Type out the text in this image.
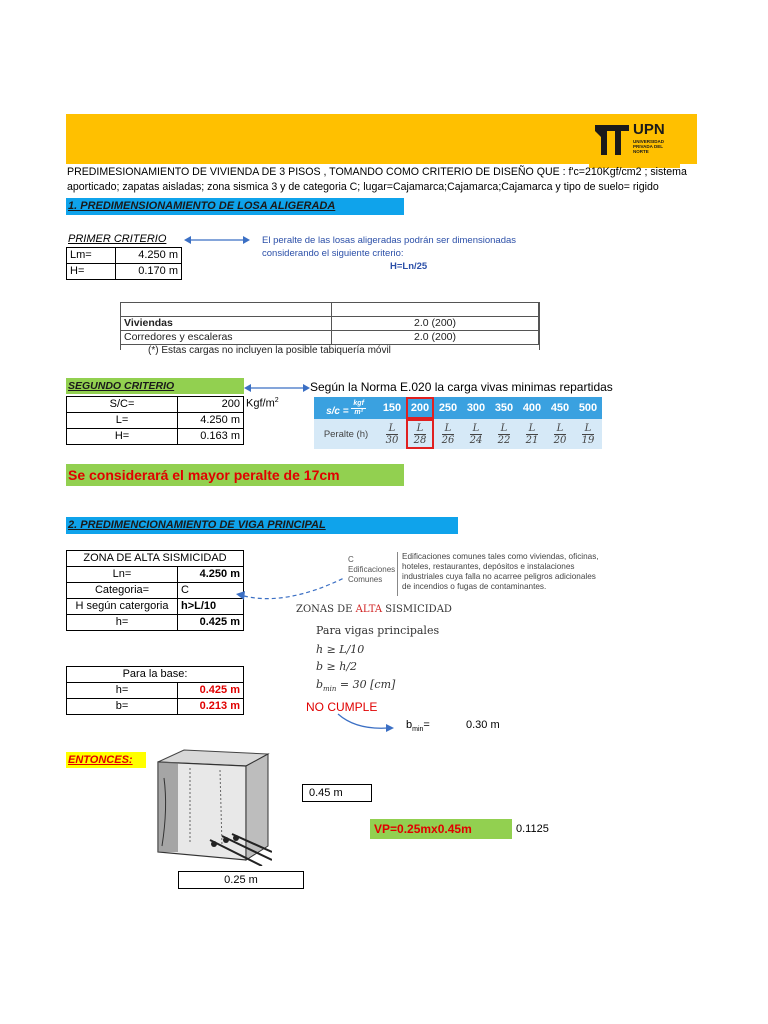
UPN
UNIVERSIDAD PRIVADA DEL NORTE
PREDIMESIONAMIENTO DE VIVIENDA DE 3 PISOS , TOMANDO COMO CRITERIO DE DISEÑO QUE : f'c=210Kgf/cm2 ; sistema aporticado; zapatas aisladas; zona sismica 3 y de categoria C; lugar=Cajamarca;Cajamarca;Cajamarca y tipo de suelo= rigido
1. PREDIMENSIONAMIENTO DE LOSA ALIGERADA
PRIMER CRITERIO
Lm=	4.250 m
H=	0.170 m
El peralte de las losas aligeradas podrán ser dimensionadas considerando el siguiente criterio:
H=Ln/25

Viviendas	2.0 (200)
Corredores y escaleras	2.0 (200)
(*) Estas cargas no incluyen la posible tabiquería móvil
SEGUNDO CRITERIO
S/C=	200
L=	4.250 m
H=	0.163 m
Kgf/$m^2$
Según la Norma E.020 la carga vivas minimas repartidas
$s/c = \frac{\text{kgf}}{\text{m²}}$	150	200	250	300	350	400	450	500
Peralte (h)	$\frac{L}{30}$	$\frac{L}{28}$	$\frac{L}{26}$	$\frac{L}{24}$	$\frac{L}{22}$	$\frac{L}{21}$	$\frac{L}{20}$	$\frac{L}{19}$
Se considerará el mayor peralte de 17cm
2. PREDIMENCIONAMIENTO DE VIGA PRINCIPAL
ZONA DE ALTA SISMICIDAD	
Ln=	4.250 m
Categoria=	C
H según catergoria	h>L/10
h=	0.425 m
C
Edificaciones
Comunes
Edificaciones comunes tales como viviendas, oficinas, hoteles, restaurantes, depósitos e instalaciones industriales cuya falla no acarree peligros adicionales de incendios o fugas de contaminantes.
ZONAS DE ALTA SISMICIDAD
Para vigas principales
h ≥ L/10
b ≥ h/2
$b_{min} = 30$ [cm]
Para la base:	
h=	0.425 m
b=	0.213 m	NO CUMPLE
$b_{min}=$	0.30 m
ENTONCES:
0.45 m
0.25 m
VP=0.25mx0.45m	0.1125
